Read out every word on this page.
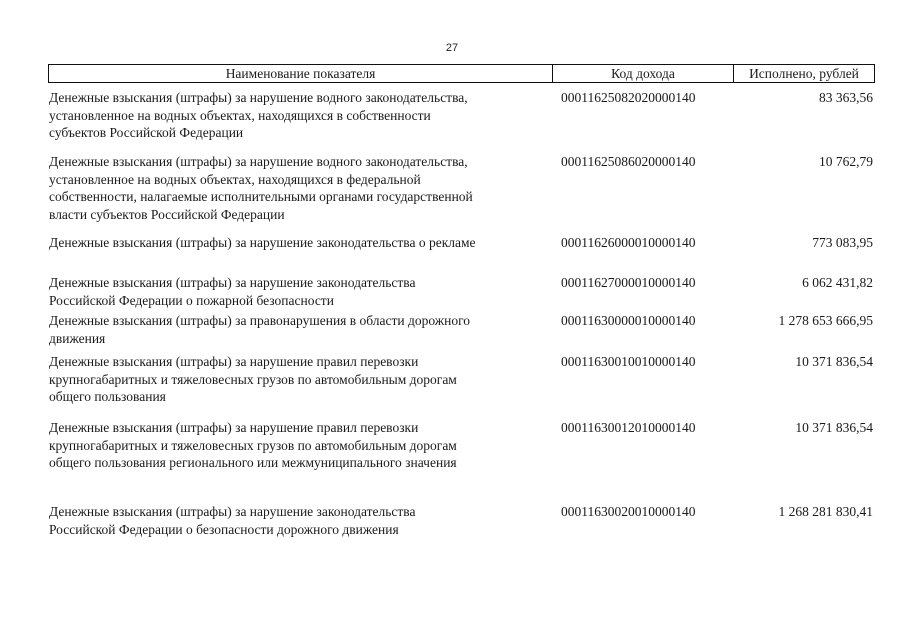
27
Наименование показателя	Код дохода	Исполнено, рублей
Денежные взыскания (штрафы) за нарушение водного законодательства,
установленное на водных объектах, находящихся в собственности
субъектов Российской Федерации
00011625082020000140	83 363,56
Денежные взыскания (штрафы) за нарушение водного законодательства,
установленное на водных объектах, находящихся в федеральной
собственности, налагаемые исполнительными органами государственной
власти субъектов Российской Федерации
00011625086020000140	10 762,79
Денежные взыскания (штрафы) за нарушение законодательства о рекламе	00011626000010000140	773 083,95
Денежные взыскания (штрафы) за нарушение законодательства
Российской Федерации о пожарной безопасности
00011627000010000140	6 062 431,82
Денежные взыскания (штрафы) за правонарушения в области дорожного
движения
00011630000010000140	1 278 653 666,95
Денежные взыскания (штрафы) за нарушение правил перевозки
крупногабаритных и тяжеловесных грузов по автомобильным дорогам
общего пользования
00011630010010000140	10 371 836,54
Денежные взыскания (штрафы) за нарушение правил перевозки
крупногабаритных и тяжеловесных грузов по автомобильным дорогам
общего пользования регионального или межмуниципального значения
00011630012010000140	10 371 836,54
Денежные взыскания (штрафы) за нарушение законодательства
Российской Федерации о безопасности дорожного движения
00011630020010000140	1 268 281 830,41
